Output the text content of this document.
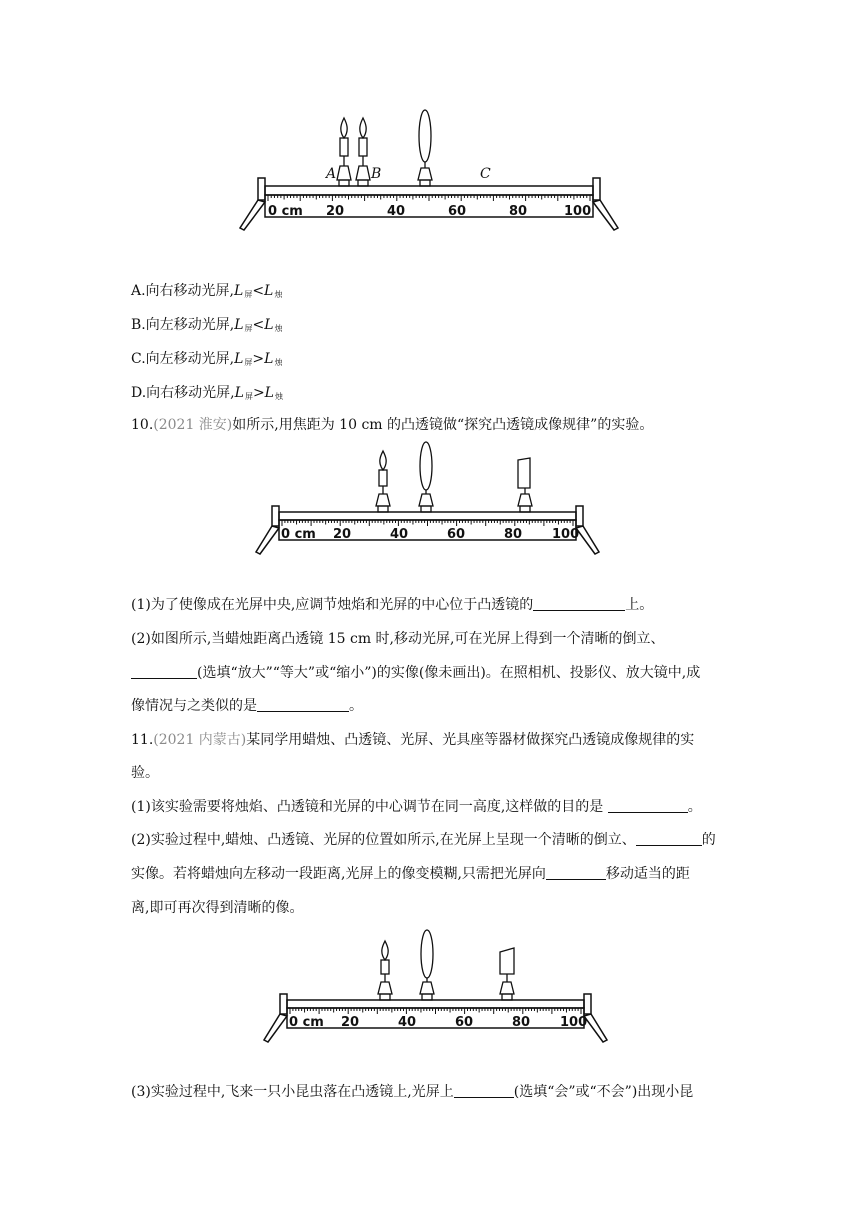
0 cm 20	40	60	80	100
A B	C
A.向右移动光屏$,L_屏<L_烛$
B.向左移动光屏$,L_屏<L_烛$
C.向左移动光屏$,L_屏>L_烛$
D.向右移动光屏$,L_屏>L_烛$
10.(2021 淮安)如所示,用焦距为 10 cm 的凸透镜做“探究凸透镜成像规律”的实验。
0 cm 20	40	60	80 100
(1)为了使像成在光屏中央,应调节烛焰和光屏的中心位于凸透镜的	上。
(2)如图所示,当蜡烛距离凸透镜 15 cm 时,移动光屏,可在光屏上得到一个清晰的倒立、
(选填“放大”“等大”或“缩小”)的实像(像未画出)。在照相机、投影仪、放大镜中,成
像情况与之类似的是	。
11.(2021 内蒙古)某同学用蜡烛、凸透镜、光屏、光具座等器材做探究凸透镜成像规律的实
验。
(1)该实验需要将烛焰、凸透镜和光屏的中心调节在同一高度,这样做的目的是	。
(2)实验过程中,蜡烛、凸透镜、光屏的位置如所示,在光屏上呈现一个清晰的倒立、	的
实像。若将蜡烛向左移动一段距离,光屏上的像变模糊,只需把光屏向	移动适当的距
离,即可再次得到清晰的像。
0 cm 20	40	60	80 100
(3)实验过程中,飞来一只小昆虫落在凸透镜上,光屏上	(选填“会”或“不会”)出现小昆
